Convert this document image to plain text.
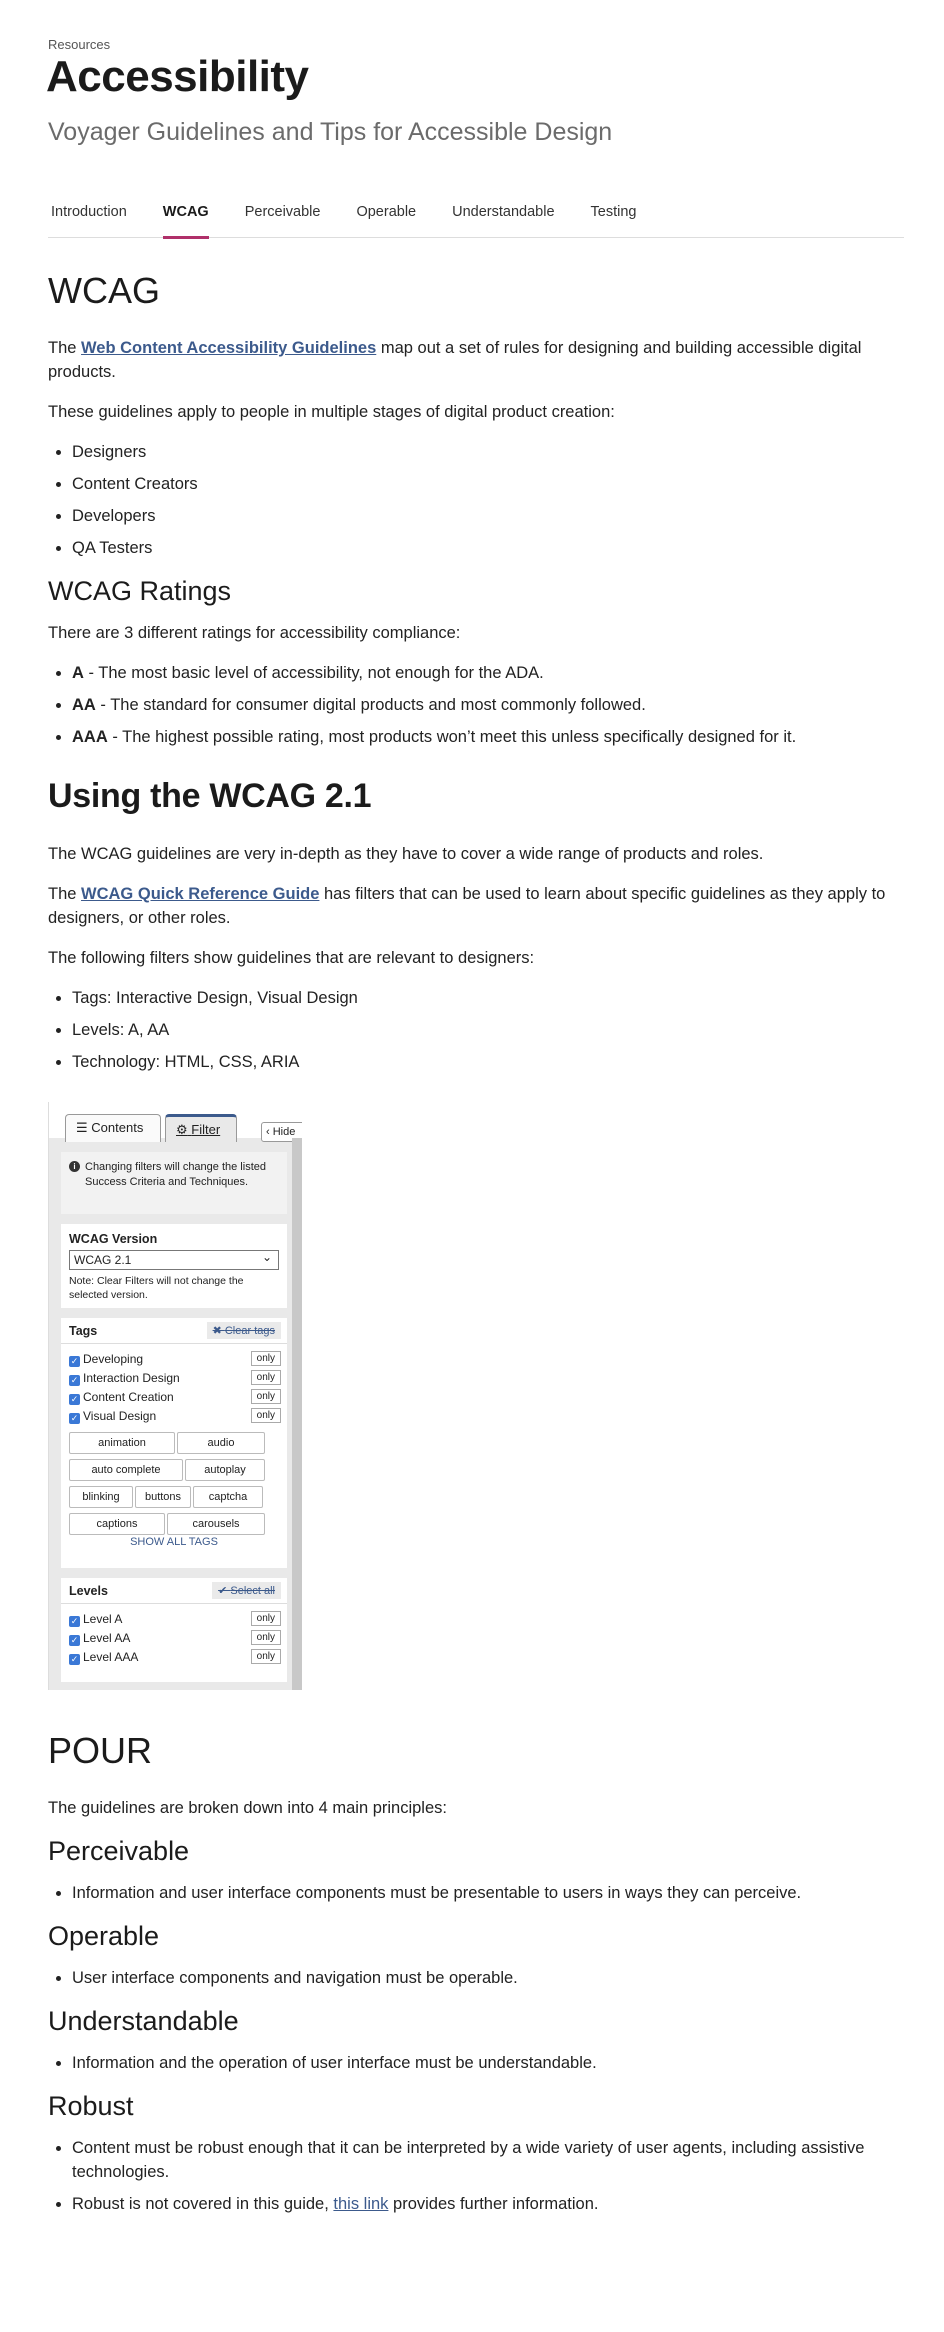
Resources
Accessibility
Voyager Guidelines and Tips for Accessible Design
Introduction WCAG Perceivable Operable Understandable Testing
WCAG

The Web Content Accessibility Guidelines map out a set of rules for designing and building accessible digital products.

These guidelines apply to people in multiple stages of digital product creation:

• Designers
• Content Creators
• Developers
• QA Testers
WCAG Ratings

There are 3 different ratings for accessibility compliance:

• A - The most basic level of accessibility, not enough for the ADA.
• AA - The standard for consumer digital products and most commonly followed.
• AAA - The highest possible rating, most products won’t meet this unless specifically designed for it.
Using the WCAG 2.1

The WCAG guidelines are very in-depth as they have to cover a wide range of products and roles.

The WCAG Quick Reference Guide has filters that can be used to learn about specific guidelines as they apply to designers, or other roles.

The following filters show guidelines that are relevant to designers:

• Tags: Interactive Design, Visual Design
• Levels: A, AA
• Technology: HTML, CSS, ARIA
☰ Contents	⚙ Filter	‹ Hide
i Changing filters will change the listed Success Criteria and Techniques.
WCAG Version
WCAG 2.1 ⌄
Note: Clear Filters will not change the selected version.
Tags	✖ Clear tags
✓ Developing	only
✓ Interaction Design	only
✓ Content Creation	only
✓ Visual Design	only
animation	audio auto complete	autoplay blinking buttons	captcha captions	carousels
SHOW ALL TAGS
Levels	✔ Select all
✓ Level A	only
✓ Level AA	only
✓ Level AAA	only
POUR

The guidelines are broken down into 4 main principles:

Perceivable
• Information and user interface components must be presentable to users in ways they can perceive.
Operable
• User interface components and navigation must be operable.
Understandable
• Information and the operation of user interface must be understandable.
Robust
• Content must be robust enough that it can be interpreted by a wide variety of user agents, including assistive technologies.
• Robust is not covered in this guide, this link provides further information.
